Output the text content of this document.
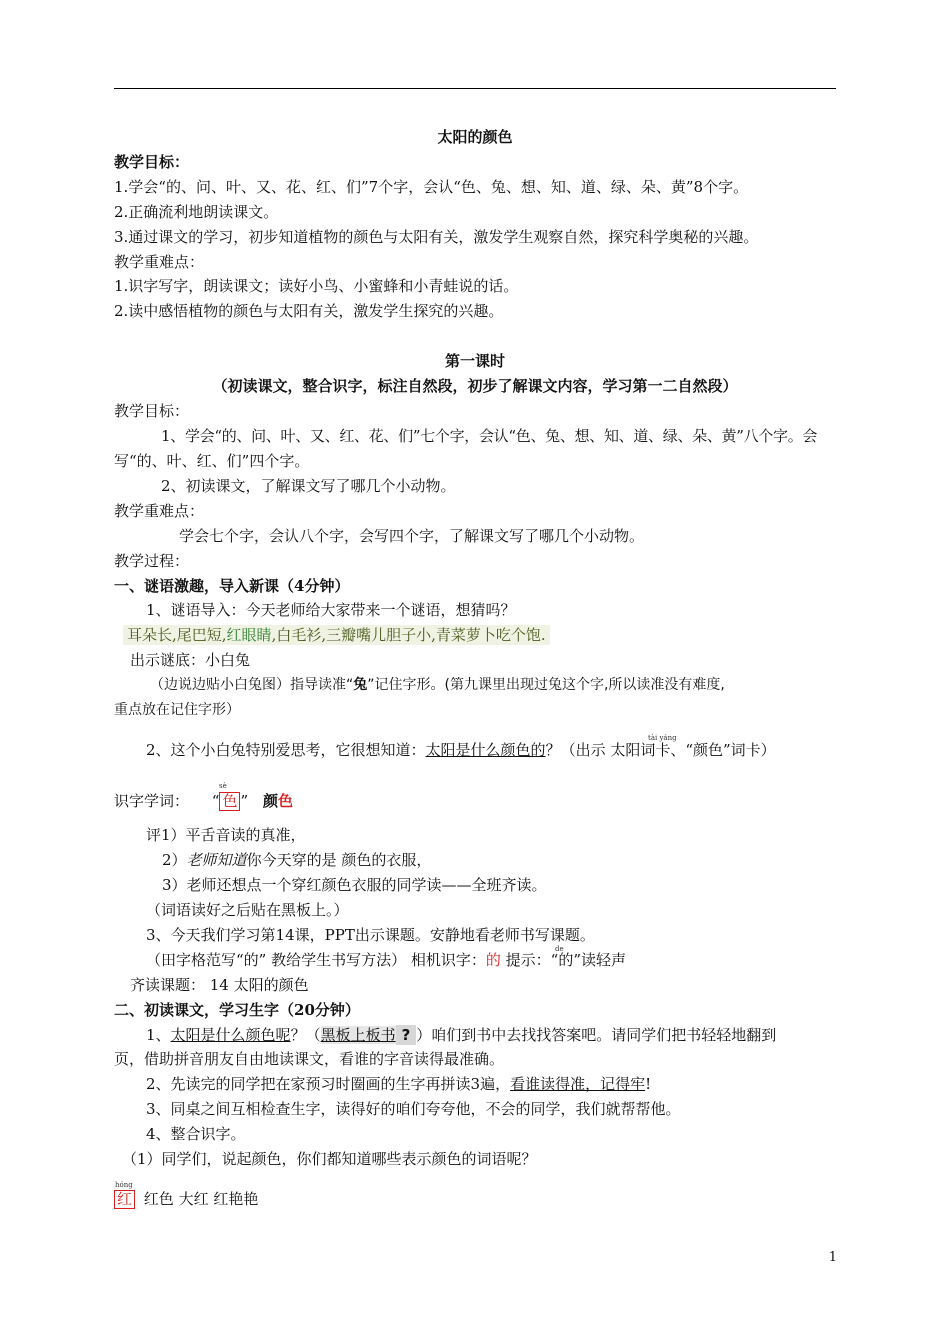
太阳的颜色
教学目标：
1.学会“的、问、叶、又、花、红、们”7个字，会认“色、兔、想、知、道、绿、朵、黄”8个字。
2.正确流利地朗读课文。
3.通过课文的学习，初步知道植物的颜色与太阳有关，激发学生观察自然，探究科学奥秘的兴趣。
教学重难点：
1.识字写字，朗读课文；读好小鸟、小蜜蜂和小青蛙说的话。
2.读中感悟植物的颜色与太阳有关，激发学生探究的兴趣。
第一课时
（初读课文，整合识字，标注自然段，初步了解课文内容，学习第一二自然段）
教学目标：
1、学会“的、问、叶、又、红、花、们”七个字，会认“色、兔、想、知、道、绿、朵、黄”八个字。会
写“的、叶、红、们”四个字。
2、初读课文，了解课文写了哪几个小动物。
教学重难点：
学会七个字，会认八个字，会写四个字，了解课文写了哪几个小动物。
教学过程：
一、谜语激趣，导入新课（4分钟）
1、谜语导入：今天老师给大家带来一个谜语，想猜吗？
耳朵长,尾巴短,红眼睛,白毛衫,三瓣嘴儿胆子小,青菜萝卜吃个饱.
出示谜底：小白兔
（边说边贴小白兔图）指导读准“兔”记住字形。(第九课里出现过兔这个字,所以读准没有难度,
重点放在记住字形）
tài yáng
2、这个小白兔特别爱思考，它很想知道：太阳是什么颜色的？（出示 太阳词卡、“颜色”词卡）
sè
识字学词： “ 色 ” 颜色
评1）平舌音读的真准，
2）老师知道你今天穿的是 颜色的衣服，
3）老师还想点一个穿红颜色衣服的同学读——全班齐读。
（词语读好之后贴在黑板上。）
3、今天我们学习第14课，PPT出示课题。安静地看老师书写课题。
de
（田字格范写“的” 教给学生书写方法） 相机识字：的 提示：“的”读轻声
齐读课题： 14 太阳的颜色
二、初读课文，学习生字（20分钟）
1、太阳是什么颜色呢？（黑板上板书 ? ）咱们到书中去找找答案吧。请同学们把书轻轻地翻到
页，借助拼音朋友自由地读课文，看谁的字音读得最准确。
2、先读完的同学把在家预习时圈画的生字再拼读3遍，看谁读得准，记得牢!
3、同桌之间互相检查生字，读得好的咱们夸夸他，不会的同学，我们就帮帮他。
4、整合识字。
（1）同学们，说起颜色，你们都知道哪些表示颜色的词语呢？
hóng
红 红色 大红 红艳艳
1
